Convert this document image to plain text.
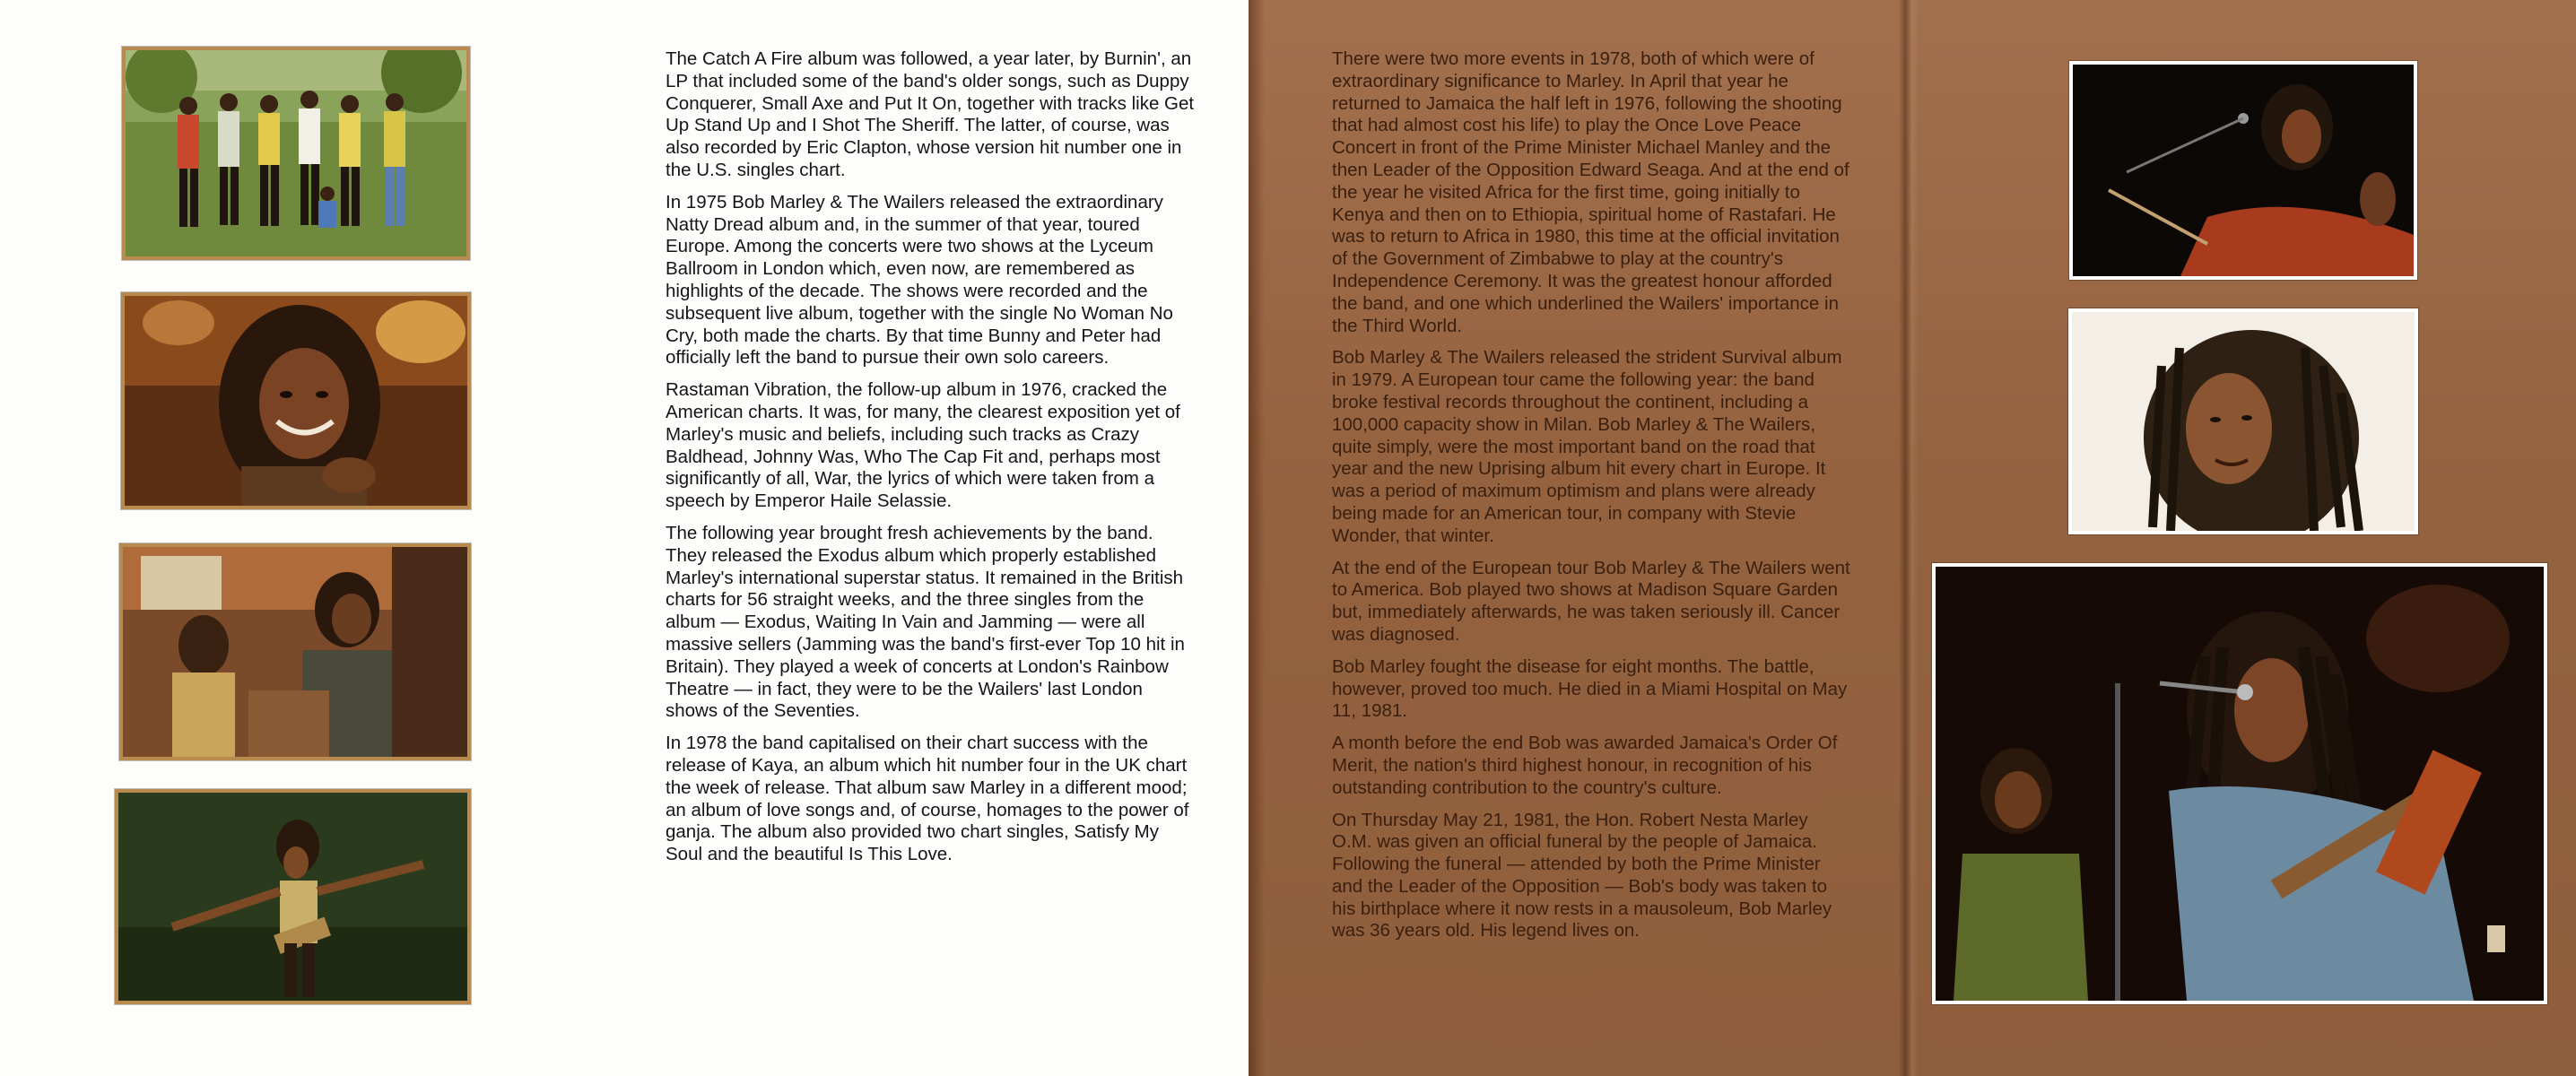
The Catch A Fire album was followed, a year later, by Burnin', an LP that included some of the band's older songs, such as Duppy Conquerer, Small Axe and Put It On, together with tracks like Get Up Stand Up and I Shot The Sheriff. The latter, of course, was also recorded by Eric Clapton, whose version hit number one in the U.S. singles chart.

In 1975 Bob Marley & The Wailers released the extraordinary Natty Dread album and, in the summer of that year, toured Europe. Among the concerts were two shows at the Lyceum Ballroom in London which, even now, are remembered as highlights of the decade. The shows were recorded and the subsequent live album, together with the single No Woman No Cry, both made the charts. By that time Bunny and Peter had officially left the band to pursue their own solo careers.

Rastaman Vibration, the follow-up album in 1976, cracked the American charts. It was, for many, the clearest exposition yet of Marley's music and beliefs, including such tracks as Crazy Baldhead, Johnny Was, Who The Cap Fit and, perhaps most significantly of all, War, the lyrics of which were taken from a speech by Emperor Haile Selassie.

The following year brought fresh achievements by the band. They released the Exodus album which properly established Marley's international superstar status. It remained in the British charts for 56 straight weeks, and the three singles from the album — Exodus, Waiting In Vain and Jamming — were all massive sellers (Jamming was the band's first-ever Top 10 hit in Britain). They played a week of concerts at London's Rainbow Theatre — in fact, they were to be the Wailers' last London shows of the Seventies.

In 1978 the band capitalised on their chart success with the release of Kaya, an album which hit number four in the UK chart the week of release. That album saw Marley in a different mood; an album of love songs and, of course, homages to the power of ganja. The album also provided two chart singles, Satisfy My Soul and the beautiful Is This Love.

There were two more events in 1978, both of which were of extraordinary significance to Marley. In April that year he returned to Jamaica the half left in 1976, following the shooting that had almost cost his life) to play the Once Love Peace Concert in front of the Prime Minister Michael Manley and the then Leader of the Opposition Edward Seaga. And at the end of the year he visited Africa for the first time, going initially to Kenya and then on to Ethiopia, spiritual home of Rastafari. He was to return to Africa in 1980, this time at the official invitation of the Government of Zimbabwe to play at the country's Independence Ceremony. It was the greatest honour afforded the band, and one which underlined the Wailers' importance in the Third World.

Bob Marley & The Wailers released the strident Survival album in 1979. A European tour came the following year: the band broke festival records throughout the continent, including a 100,000 capacity show in Milan. Bob Marley & The Wailers, quite simply, were the most important band on the road that year and the new Uprising album hit every chart in Europe. It was a period of maximum optimism and plans were already being made for an American tour, in company with Stevie Wonder, that winter.

At the end of the European tour Bob Marley & The Wailers went to America. Bob played two shows at Madison Square Garden but, immediately afterwards, he was taken seriously ill. Cancer was diagnosed.

Bob Marley fought the disease for eight months. The battle, however, proved too much. He died in a Miami Hospital on May 11, 1981.

A month before the end Bob was awarded Jamaica's Order Of Merit, the nation's third highest honour, in recognition of his outstanding contribution to the country's culture.

On Thursday May 21, 1981, the Hon. Robert Nesta Marley O.M. was given an official funeral by the people of Jamaica. Following the funeral — attended by both the Prime Minister and the Leader of the Opposition — Bob's body was taken to his birthplace where it now rests in a mausoleum, Bob Marley was 36 years old. His legend lives on.
